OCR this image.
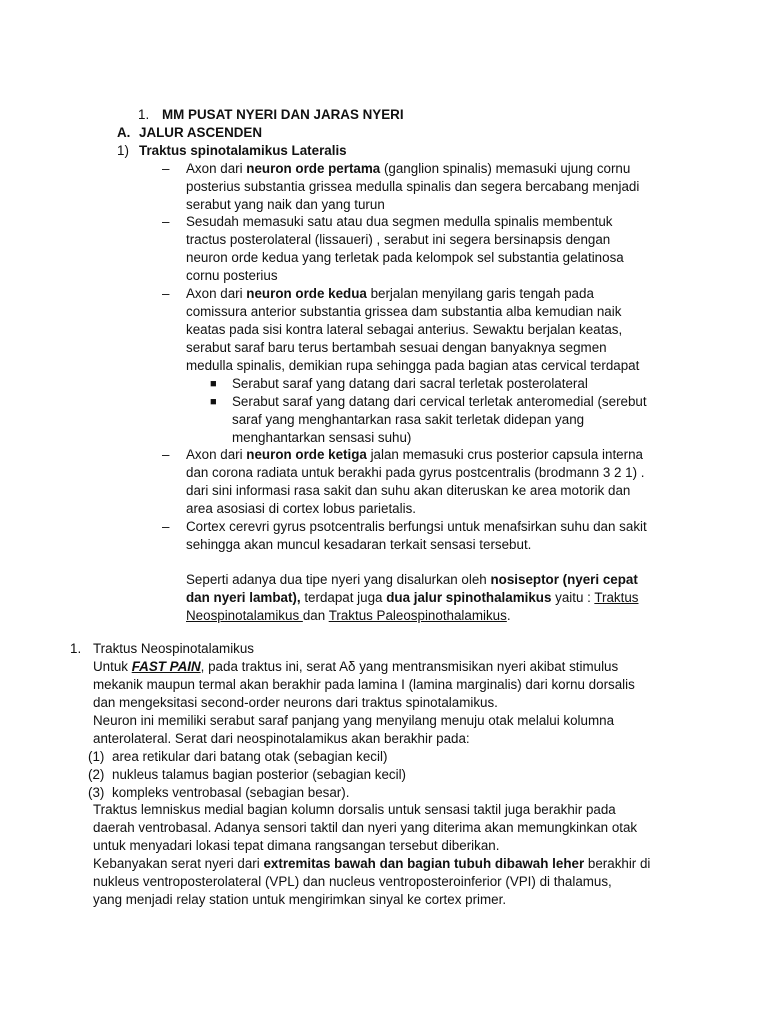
1. MM PUSAT NYERI DAN JARAS NYERI
A. JALUR ASCENDEN
1) Traktus spinotalamikus Lateralis
– Axon dari neuron orde pertama (ganglion spinalis) memasuki ujung cornu
posterius substantia grissea medulla spinalis dan segera bercabang menjadi
serabut yang naik dan yang turun
– Sesudah memasuki satu atau dua segmen medulla spinalis membentuk
tractus posterolateral (lissaueri) , serabut ini segera bersinapsis dengan
neuron orde kedua yang terletak pada kelompok sel substantia gelatinosa
cornu posterius
– Axon dari neuron orde kedua berjalan menyilang garis tengah pada
comissura anterior substantia grissea dam substantia alba kemudian naik
keatas pada sisi kontra lateral sebagai anterius. Sewaktu berjalan keatas,
serabut saraf baru terus bertambah sesuai dengan banyaknya segmen
medulla spinalis, demikian rupa sehingga pada bagian atas cervical terdapat
■ Serabut saraf yang datang dari sacral terletak posterolateral
■ Serabut saraf yang datang dari cervical terletak anteromedial (serebut
saraf yang menghantarkan rasa sakit terletak didepan yang
menghantarkan sensasi suhu)
– Axon dari neuron orde ketiga jalan memasuki crus posterior capsula interna
dan corona radiata untuk berakhi pada gyrus postcentralis (brodmann 3 2 1) .
dari sini informasi rasa sakit dan suhu akan diteruskan ke area motorik dan
area asosiasi di cortex lobus parietalis.
– Cortex cerevri gyrus psotcentralis berfungsi untuk menafsirkan suhu dan sakit
sehingga akan muncul kesadaran terkait sensasi tersebut.
Seperti adanya dua tipe nyeri yang disalurkan oleh nosiseptor (nyeri cepat
dan nyeri lambat), terdapat juga dua jalur spinothalamikus yaitu : Traktus
Neospinotalamikus dan Traktus Paleospinothalamikus.
1. Traktus Neospinotalamikus
Untuk FAST PAIN, pada traktus ini, serat Aδ yang mentransmisikan nyeri akibat stimulus
mekanik maupun termal akan berakhir pada lamina I (lamina marginalis) dari kornu dorsalis
dan mengeksitasi second-order neurons dari traktus spinotalamikus.
Neuron ini memiliki serabut saraf panjang yang menyilang menuju otak melalui kolumna
anterolateral. Serat dari neospinotalamikus akan berakhir pada:
(1) area retikular dari batang otak (sebagian kecil)
(2) nukleus talamus bagian posterior (sebagian kecil)
(3) kompleks ventrobasal (sebagian besar).
Traktus lemniskus medial bagian kolumn dorsalis untuk sensasi taktil juga berakhir pada
daerah ventrobasal. Adanya sensori taktil dan nyeri yang diterima akan memungkinkan otak
untuk menyadari lokasi tepat dimana rangsangan tersebut diberikan.
Kebanyakan serat nyeri dari extremitas bawah dan bagian tubuh dibawah leher berakhir di
nukleus ventroposterolateral (VPL) dan nucleus ventroposteroinferior (VPI) di thalamus,
yang menjadi relay station untuk mengirimkan sinyal ke cortex primer.
